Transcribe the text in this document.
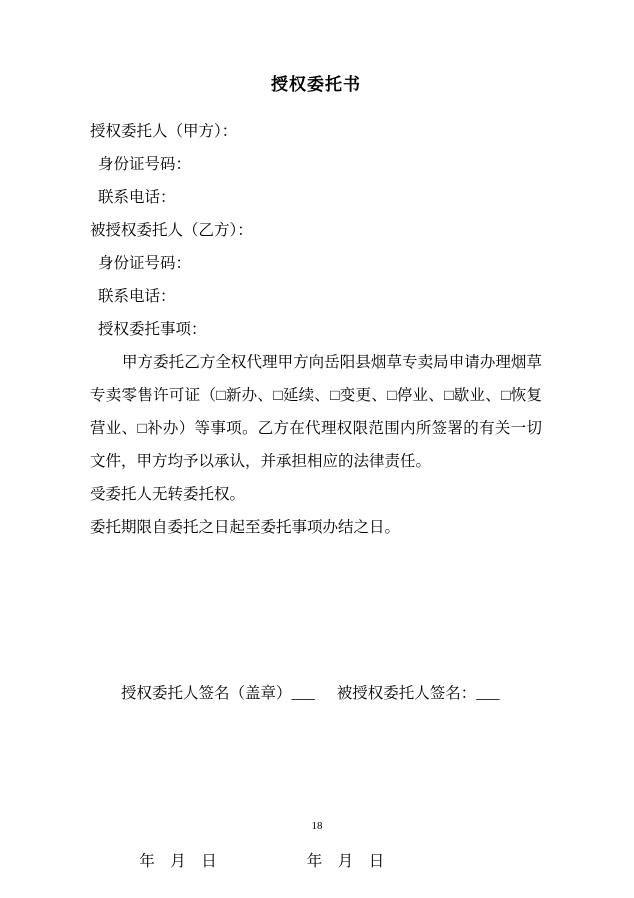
授权委托书
授权委托人（甲方）：
身份证号码：
联系电话：
被授权委托人（乙方）：
身份证号码：
联系电话：
授权委托事项：

甲方委托乙方全权代理甲方向岳阳县烟草专卖局申请办理烟草专卖零售许可证（□新办、□延续、□变更、□停业、□歇业、□恢复营业、□补办）等事项。乙方在代理权限范围内所签署的有关一切文件，甲方均予以承认，并承担相应的法律责任。

受委托人无转委托权。

委托期限自委托之日起至委托事项办结之日。

授权委托人签名（盖章）___ 被授权委托人签名：___

年    月    日	年    月    日

18
